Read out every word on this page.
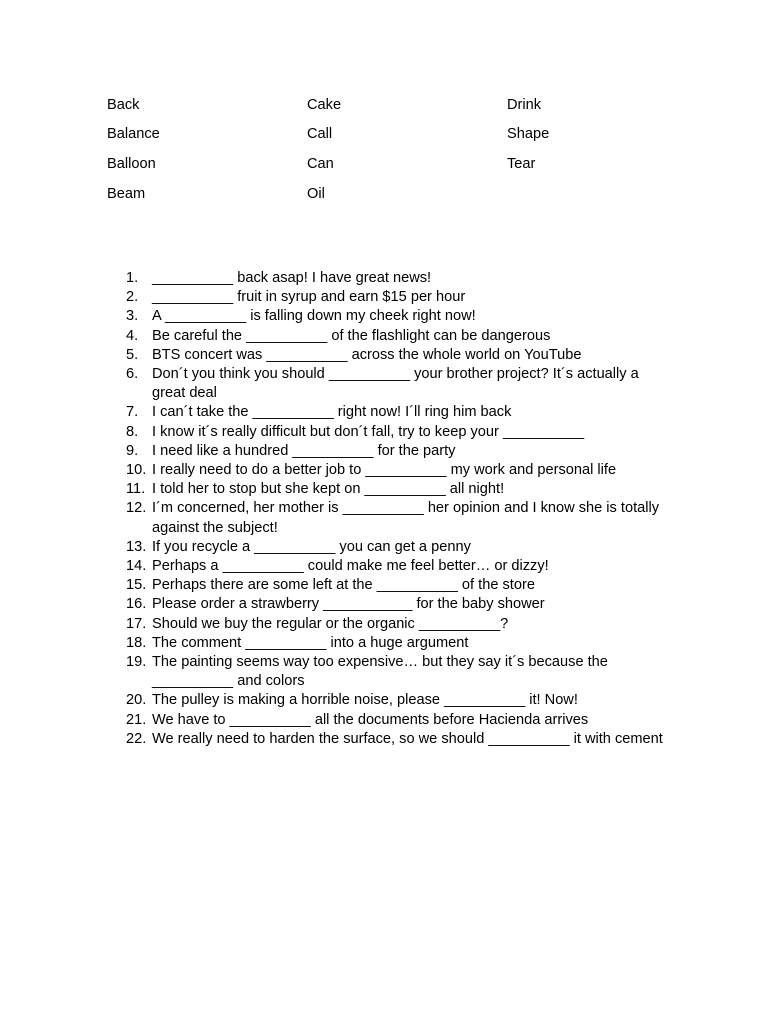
Back	Cake	Drink
Balance	Call	Shape
Balloon	Can	Tear
Beam	Oil
1. __________ back asap! I have great news!
2. __________ fruit in syrup and earn $15 per hour
3. A __________ is falling down my cheek right now!
4. Be careful the __________ of the flashlight can be dangerous
5. BTS concert was __________ across the whole world on YouTube
6. Don´t you think you should __________ your brother project? It´s actually a great deal
7. I can´t take the __________ right now! I´ll ring him back
8. I know it´s really difficult but don´t fall, try to keep your __________
9. I need like a hundred __________ for the party
10. I really need to do a better job to __________ my work and personal life
11. I told her to stop but she kept on __________ all night!
12. I´m concerned, her mother is __________ her opinion and I know she is totally against the subject!
13. If you recycle a __________ you can get a penny
14. Perhaps a __________ could make me feel better… or dizzy!
15. Perhaps there are some left at the __________ of the store
16. Please order a strawberry ___________ for the baby shower
17. Should we buy the regular or the organic __________?
18. The comment __________ into a huge argument
19. The painting seems way too expensive… but they say it´s because the __________ and colors
20. The pulley is making a horrible noise, please __________ it! Now!
21. We have to __________ all the documents before Hacienda arrives
22. We really need to harden the surface, so we should __________ it with cement
